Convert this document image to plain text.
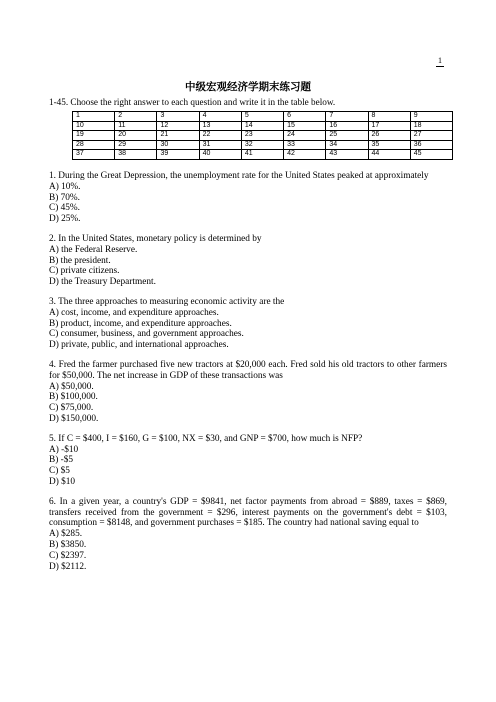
1
中级宏观经济学期末练习题
1-45. Choose the right answer to each question and write it in the table below.
1	2	3	4	5	6	7	8	9
10	11	12	13	14	15	16	17	18
19	20	21	22	23	24	25	26	27
28	29	30	31	32	33	34	35	36
37	38	39	40	41	42	43	44	45
1. During the Great Depression, the unemployment rate for the United States peaked at approximately
A) 10%.
B) 70%.
C) 45%.
D) 25%.
2. In the United States, monetary policy is determined by
A) the Federal Reserve.
B) the president.
C) private citizens.
D) the Treasury Department.
3. The three approaches to measuring economic activity are the
A) cost, income, and expenditure approaches.
B) product, income, and expenditure approaches.
C) consumer, business, and government approaches.
D) private, public, and international approaches.
4. Fred the farmer purchased five new tractors at $20,000 each. Fred sold his old tractors to other farmers for $50,000. The net increase in GDP of these transactions was
A) $50,000.
B) $100,000.
C) $75,000.
D) $150,000.
5. If C = $400, I = $160, G = $100, NX = $30, and GNP = $700, how much is NFP?
A) -$10
B) -$5
C) $5
D) $10
6. In a given year, a country's GDP = $9841, net factor payments from abroad = $889, taxes = $869, transfers received from the government = $296, interest payments on the government's debt = $103, consumption = $8148, and government purchases = $185. The country had national saving equal to
A) $285.
B) $3850.
C) $2397.
D) $2112.
